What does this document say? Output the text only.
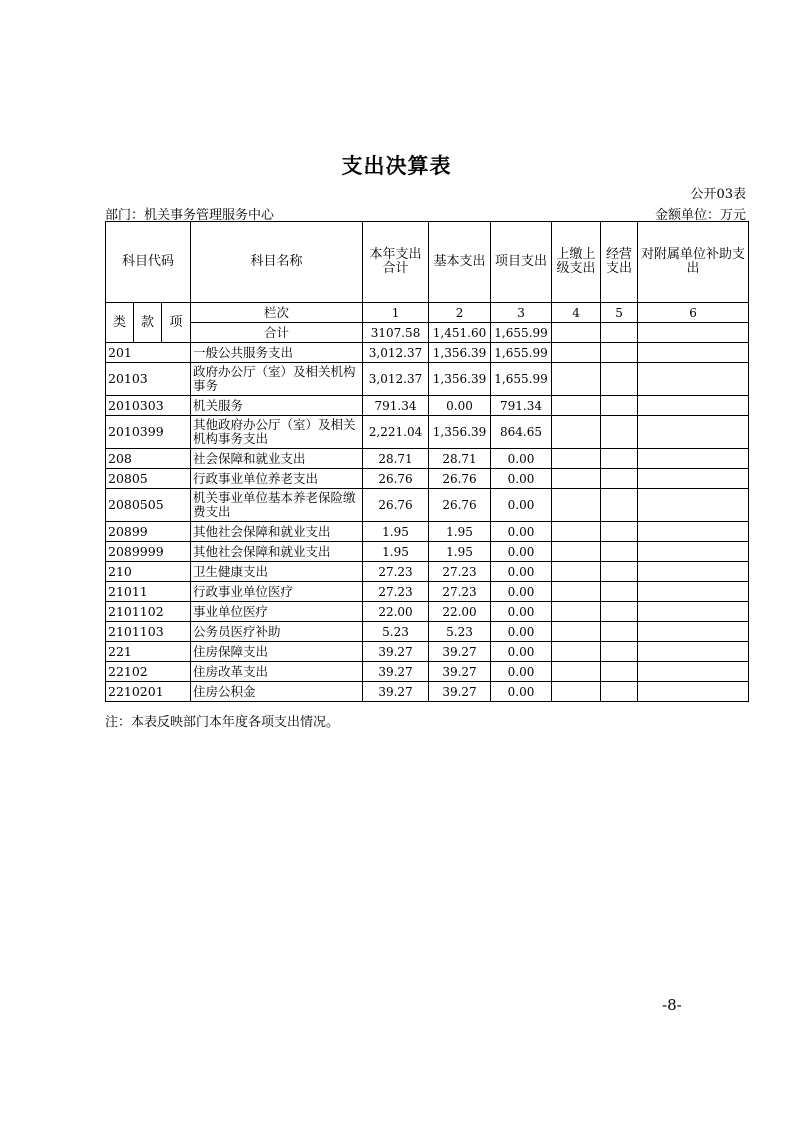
支出决算表
公开03表
部门：机关事务管理服务中心	金额单位：万元
科目代码			科目名称	本年支出合计	基本支出	项目支出	上缴上级支出	经营支出	对附属单位补助支出
类	款	项	栏次	1	2	3	4	5	6
			合计	3107.58	1,451.60	1,655.99			
201			一般公共服务支出	3,012.37	1,356.39	1,655.99			
20103			政府办公厅（室）及相关机构事务	3,012.37	1,356.39	1,655.99			
2010303			机关服务	791.34	0.00	791.34			
2010399			其他政府办公厅（室）及相关机构事务支出	2,221.04	1,356.39	864.65			
208			社会保障和就业支出	28.71	28.71	0.00			
20805			行政事业单位养老支出	26.76	26.76	0.00			
2080505			机关事业单位基本养老保险缴费支出	26.76	26.76	0.00			
20899			其他社会保障和就业支出	1.95	1.95	0.00			
2089999			其他社会保障和就业支出	1.95	1.95	0.00			
210			卫生健康支出	27.23	27.23	0.00			
21011			行政事业单位医疗	27.23	27.23	0.00			
2101102			事业单位医疗	22.00	22.00	0.00			
2101103			公务员医疗补助	5.23	5.23	0.00			
221			住房保障支出	39.27	39.27	0.00			
22102			住房改革支出	39.27	39.27	0.00			
2210201			住房公积金	39.27	39.27	0.00			
注：本表反映部门本年度各项支出情况。
-8-
